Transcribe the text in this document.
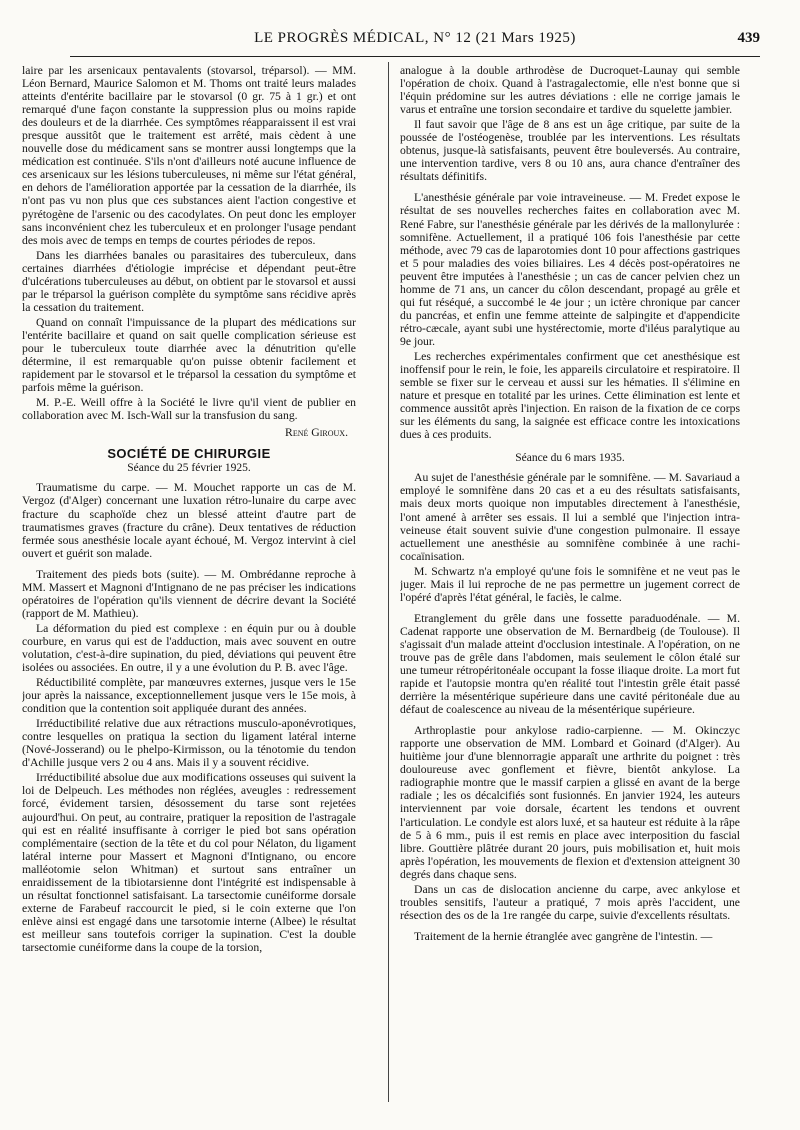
LE PROGRÈS MÉDICAL, N° 12 (21 Mars 1925)	439

laire par les arsenicaux pentavalents (stovarsol, tréparsol). — MM. Léon Bernard, Maurice Salomon et M. Thoms ont traité leurs malades atteints d'entérite bacillaire par le stovarsol (0 gr. 75 à 1 gr.) et ont remarqué d'une façon constante la suppression plus ou moins rapide des douleurs et de la diarrhée. Ces symptômes réapparaissent il est vrai presque aussitôt que le traitement est arrêté, mais cèdent à une nouvelle dose du médicament sans se montrer aussi longtemps que la médication est continuée. S'ils n'ont d'ailleurs noté aucune influence de ces arsenicaux sur les lésions tuberculeuses, ni même sur l'état général, en dehors de l'amélioration apportée par la cessation de la diarrhée, ils n'ont pas vu non plus que ces substances aient l'action congestive et pyrétogène de l'arsenic ou des cacodylates. On peut donc les employer sans inconvénient chez les tuberculeux et en prolonger l'usage pendant des mois avec de temps en temps de courtes périodes de repos.

Dans les diarrhées banales ou parasitaires des tuberculeux, dans certaines diarrhées d'étiologie imprécise et dépendant peut-être d'ulcérations tuberculeuses au début, on obtient par le stovarsol et aussi par le tréparsol la guérison complète du symptôme sans récidive après la cessation du traitement.

Quand on connaît l'impuissance de la plupart des médications sur l'entérite bacillaire et quand on sait quelle complication sérieuse est pour le tuberculeux toute diarrhée avec la dénutrition qu'elle détermine, il est remarquable qu'on puisse obtenir facilement et rapidement par le stovarsol et le tréparsol la cessation du symptôme et parfois même la guérison.

M. P.-E. Weill offre à la Société le livre qu'il vient de publier en collaboration avec M. Isch-Wall sur la transfusion du sang.

René Giroux.

SOCIÉTÉ DE CHIRURGIE
Séance du 25 février 1925.

Traumatisme du carpe. — M. Mouchet rapporte un cas de M. Vergoz (d'Alger) concernant une luxation rétro-lunaire du carpe avec fracture du scaphoïde chez un blessé atteint d'autre part de traumatismes graves (fracture du crâne). Deux tentatives de réduction fermée sous anesthésie locale ayant échoué, M. Vergoz intervint à ciel ouvert et guérit son malade.

Traitement des pieds bots (suite). — M. Ombrédanne reproche à MM. Massert et Magnoni d'Intignano de ne pas préciser les indications opératoires de l'opération qu'ils viennent de décrire devant la Société (rapport de M. Mathieu).

La déformation du pied est complexe : en équin pur ou à double courbure, en varus qui est de l'adduction, mais avec souvent en outre volutation, c'est-à-dire supination, du pied, déviations qui peuvent être isolées ou associées. En outre, il y a une évolution du P. B. avec l'âge.

Réductibilité complète, par manœuvres externes, jusque vers le 15e jour après la naissance, exceptionnellement jusque vers le 15e mois, à condition que la contention soit appliquée durant des années.

Irréductibilité relative due aux rétractions musculo-aponévrotiques, contre lesquelles on pratiqua la section du ligament latéral interne (Nové-Josserand) ou le phelpo-Kirmisson, ou la ténotomie du tendon d'Achille jusque vers 2 ou 4 ans. Mais il y a souvent récidive.

Irréductibilité absolue due aux modifications osseuses qui suivent la loi de Delpeuch. Les méthodes non réglées, aveugles : redressement forcé, évidement tarsien, désossement du tarse sont rejetées aujourd'hui. On peut, au contraire, pratiquer la reposition de l'astragale qui est en réalité insuffisante à corriger le pied bot sans opération complémentaire (section de la tête et du col pour Nélaton, du ligament latéral interne pour Massert et Magnoni d'Intignano, ou encore malléotomie selon Whitman) et surtout sans entraîner un enraidissement de la tibiotarsienne dont l'intégrité est indispensable à un résultat fonctionnel satisfaisant. La tarsectomie cunéiforme dorsale externe de Farabeuf raccourcit le pied, si le coin externe que l'on enlève ainsi est engagé dans une tarsotomie interne (Albee) le résultat est meilleur sans toutefois corriger la supination. C'est la double tarsectomie cunéiforme dans la coupe de la torsion,

analogue à la double arthrodèse de Ducroquet-Launay qui semble l'opération de choix. Quand à l'astragalectomie, elle n'est bonne que si l'équin prédomine sur les autres déviations : elle ne corrige jamais le varus et entraîne une torsion secondaire et tardive du squelette jambier.

Il faut savoir que l'âge de 8 ans est un âge critique, par suite de la poussée de l'ostéogenèse, troublée par les interventions. Les résultats obtenus, jusque-là satisfaisants, peuvent être bouleversés. Au contraire, une intervention tardive, vers 8 ou 10 ans, aura chance d'entraîner des résultats définitifs.

L'anesthésie générale par voie intraveineuse. — M. Fredet expose le résultat de ses nouvelles recherches faites en collaboration avec M. René Fabre, sur l'anesthésie générale par les dérivés de la mallonylurée : somnifène. Actuellement, il a pratiqué 106 fois l'anesthésie par cette méthode, avec 79 cas de laparotomies dont 10 pour affections gastriques et 5 pour maladies des voies biliaires. Les 4 décès post-opératoires ne peuvent être imputées à l'anesthésie ; un cas de cancer pelvien chez un homme de 71 ans, un cancer du côlon descendant, propagé au grêle et qui fut réséqué, a succombé le 4e jour ; un ictère chronique par cancer du pancréas, et enfin une femme atteinte de salpingite et d'appendicite rétro-cæcale, ayant subi une hystérectomie, morte d'iléus paralytique au 9e jour.

Les recherches expérimentales confirment que cet anesthésique est inoffensif pour le rein, le foie, les appareils circulatoire et respiratoire. Il semble se fixer sur le cerveau et aussi sur les hématies. Il s'élimine en nature et presque en totalité par les urines. Cette élimination est lente et commence aussitôt après l'injection. En raison de la fixation de ce corps sur les éléments du sang, la saignée est efficace contre les intoxications dues à ces produits.

Séance du 6 mars 1935.

Au sujet de l'anesthésie générale par le somnifène. — M. Savariaud a employé le somnifène dans 20 cas et a eu des résultats satisfaisants, mais deux morts quoique non imputables directement à l'anesthésie, l'ont amené à arrêter ses essais. Il lui a semblé que l'injection intra-veineuse était souvent suivie d'une congestion pulmonaire. Il essaye actuellement une anesthésie au somnifène combinée à une rachi-cocaïnisation.

M. Schwartz n'a employé qu'une fois le somnifène et ne veut pas le juger. Mais il lui reproche de ne pas permettre un jugement correct de l'opéré d'après l'état général, le faciès, le calme.

Etranglement du grêle dans une fossette paraduodénale. — M. Cadenat rapporte une observation de M. Bernardbeig (de Toulouse). Il s'agissait d'un malade atteint d'occlusion intestinale. A l'opération, on ne trouve pas de grêle dans l'abdomen, mais seulement le côlon étalé sur une tumeur rétropéritonéale occupant la fosse iliaque droite. La mort fut rapide et l'autopsie montra qu'en réalité tout l'intestin grêle était passé derrière la mésentérique supérieure dans une cavité péritonéale due au défaut de coalescence au niveau de la mésentérique supérieure.

Arthroplastie pour ankylose radio-carpienne. — M. Okinczyc rapporte une observation de MM. Lombard et Goinard (d'Alger). Au huitième jour d'une blennorragie apparaît une arthrite du poignet : très douloureuse avec gonflement et fièvre, bientôt ankylose. La radiographie montre que le massif carpien a glissé en avant de la berge radiale ; les os décalcifiés sont fusionnés. En janvier 1924, les auteurs interviennent par voie dorsale, écartent les tendons et ouvrent l'articulation. Le condyle est alors luxé, et sa hauteur est réduite à la râpe de 5 à 6 mm., puis il est remis en place avec interposition du fascial libre. Gouttière plâtrée durant 20 jours, puis mobilisation et, huit mois après l'opération, les mouvements de flexion et d'extension atteignent 30 degrés dans chaque sens.

Dans un cas de dislocation ancienne du carpe, avec ankylose et troubles sensitifs, l'auteur a pratiqué, 7 mois après l'accident, une résection des os de la 1re rangée du carpe, suivie d'excellents résultats.

Traitement de la hernie étranglée avec gangrène de l'intestin. —
